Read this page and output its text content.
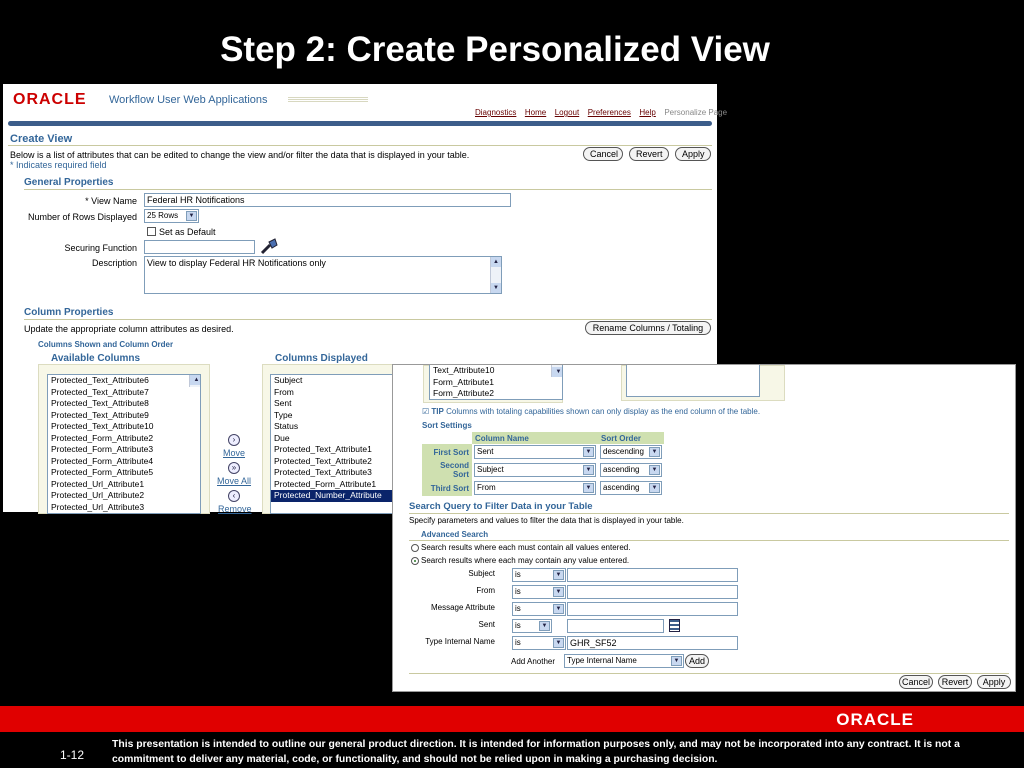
Step 2: Create Personalized View
ORACLE Workflow User Web Applications
Diagnostics Home Logout Preferences Help Personalize Page
Create View
Below is a list of attributes that can be edited to change the view and/or filter the data that is displayed in your table.
* Indicates required field
Cancel	Revert	Apply
General Properties
* View Name	Federal HR Notifications
Number of Rows Displayed	25 Rows	▼
Set as Default
Securing Function
Description	View to display Federal HR Notifications only	▲
▼
Column Properties
Update the appropriate column attributes as desired.	Rename Columns / Totaling
Columns Shown and Column Order
Available Columns	Columns Displayed
Protected_Text_Attribute6
Protected_Text_Attribute7
Protected_Text_Attribute8
Protected_Text_Attribute9
Protected_Text_Attribute10
Protected_Form_Attribute2
Protected_Form_Attribute3
Protected_Form_Attribute4
Protected_Form_Attribute5
Protected_Url_Attribute1
Protected_Url_Attribute2
Protected_Url_Attribute3
▲
›
Move
»
Move All
‹
Remove
Subject
From
Sent
Type
Status
Due
Protected_Text_Attribute1
Protected_Text_Attribute2
Protected_Text_Attribute3
Protected_Form_Attribute1
Protected_Number_Attribute
Text_Attribute10
Form_Attribute1
Form_Attribute2
▼
☑ TIP Columns with totaling capabilities shown can only display as the end column of the table.
Sort Settings
	Column Name	Sort Order
First Sort	Sent ▼	descending ▼

Second Sort	Subject ▼	ascending ▼

Third Sort	From ▼	ascending ▼
Search Query to Filter Data in your Table
Specify parameters and values to filter the data that is displayed in your table.
Advanced Search
Search results where each must contain all values entered.
Search results where each may contain any value entered.
Subject	is	▼
From	is	▼
Message Attribute	is	▼
Sent	is	▼
Type Internal Name	is	▼ GHR_SF52
Add Another	Type Internal Name	▼	Add
Cancel	Revert	Apply
ORACLE
1-12
This presentation is intended to outline our general product direction. It is intended for information purposes only, and may not be incorporated into any contract. It is not a commitment to deliver any material, code, or functionality, and should not be relied upon in making a purchasing decision.
